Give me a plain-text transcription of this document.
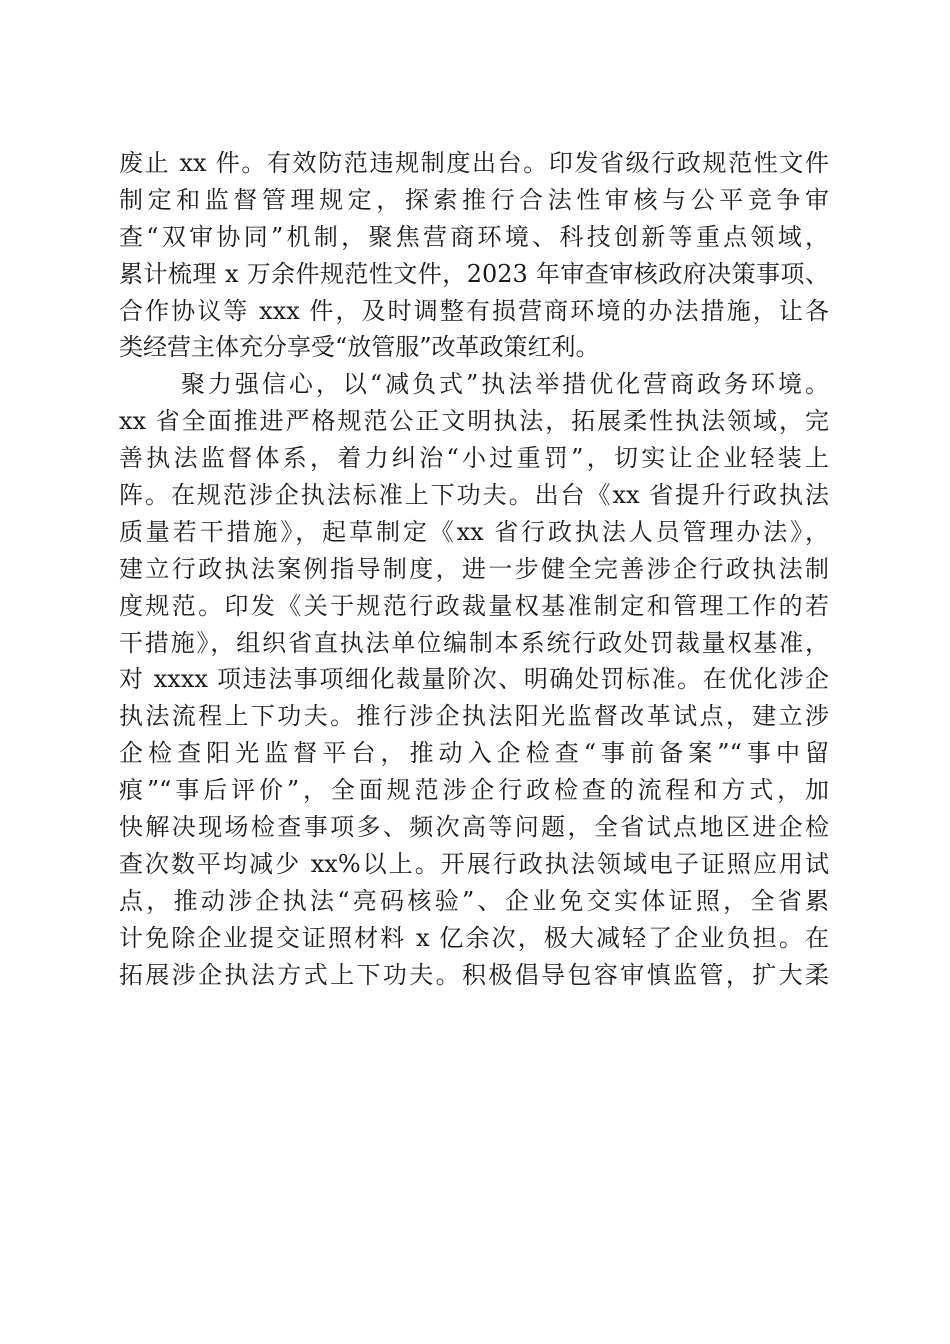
废止 xx 件。有效防范违规制度出台。印发省级行政规范性文件
制定和监督管理规定，探索推行合法性审核与公平竞争审
查“双审协同”机制，聚焦营商环境、科技创新等重点领域，
累计梳理 x 万余件规范性文件，2023 年审查审核政府决策事项、
合作协议等 xxx 件，及时调整有损营商环境的办法措施，让各
类经营主体充分享受“放管服”改革政策红利。
聚力强信心，以“减负式”执法举措优化营商政务环境。
xx 省全面推进严格规范公正文明执法，拓展柔性执法领域，完
善执法监督体系，着力纠治“小过重罚”，切实让企业轻装上
阵。在规范涉企执法标准上下功夫。出台《xx 省提升行政执法
质量若干措施》，起草制定《xx 省行政执法人员管理办法》，
建立行政执法案例指导制度，进一步健全完善涉企行政执法制
度规范。印发《关于规范行政裁量权基准制定和管理工作的若
干措施》，组织省直执法单位编制本系统行政处罚裁量权基准，
对 xxxx 项违法事项细化裁量阶次、明确处罚标准。在优化涉企
执法流程上下功夫。推行涉企执法阳光监督改革试点，建立涉
企检查阳光监督平台，推动入企检查“事前备案”“事中留
痕”“事后评价”，全面规范涉企行政检查的流程和方式，加
快解决现场检查事项多、频次高等问题，全省试点地区进企检
查次数平均减少 xx%以上。开展行政执法领域电子证照应用试
点，推动涉企执法“亮码核验”、企业免交实体证照，全省累
计免除企业提交证照材料 x 亿余次，极大减轻了企业负担。在
拓展涉企执法方式上下功夫。积极倡导包容审慎监管，扩大柔
